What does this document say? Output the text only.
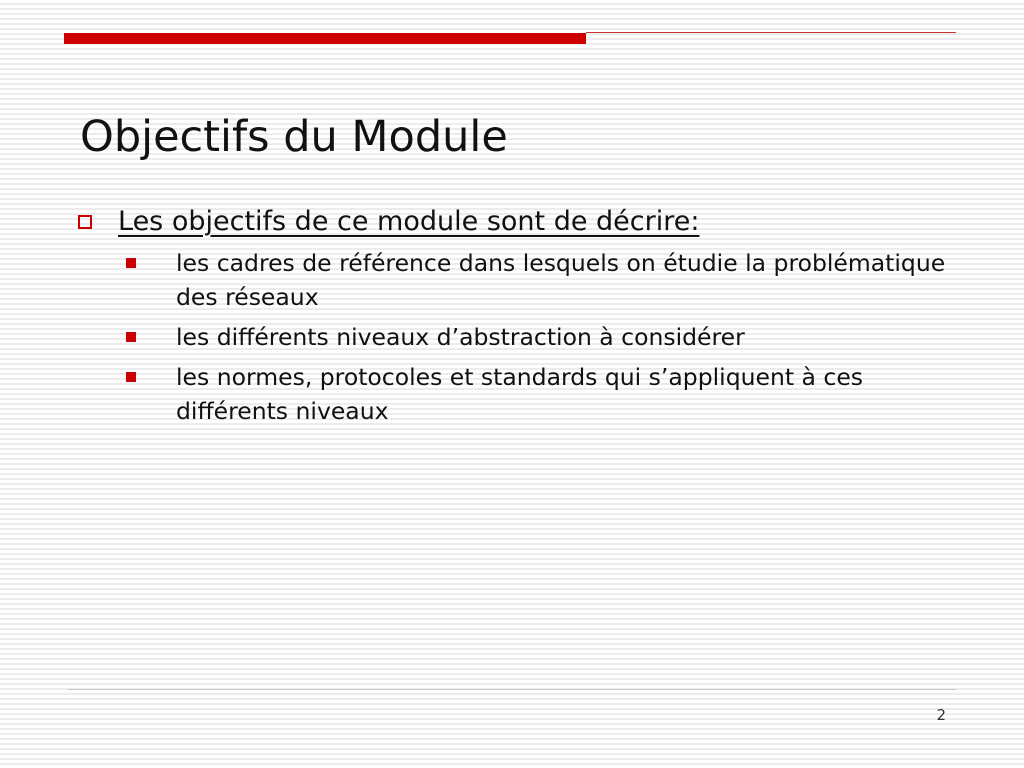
Objectifs du Module
Les objectifs de ce module sont de décrire:
les cadres de référence dans lesquels on étudie la problématique des réseaux
les différents niveaux d’abstraction à considérer
les normes, protocoles et standards qui s’appliquent à ces différents niveaux
2
